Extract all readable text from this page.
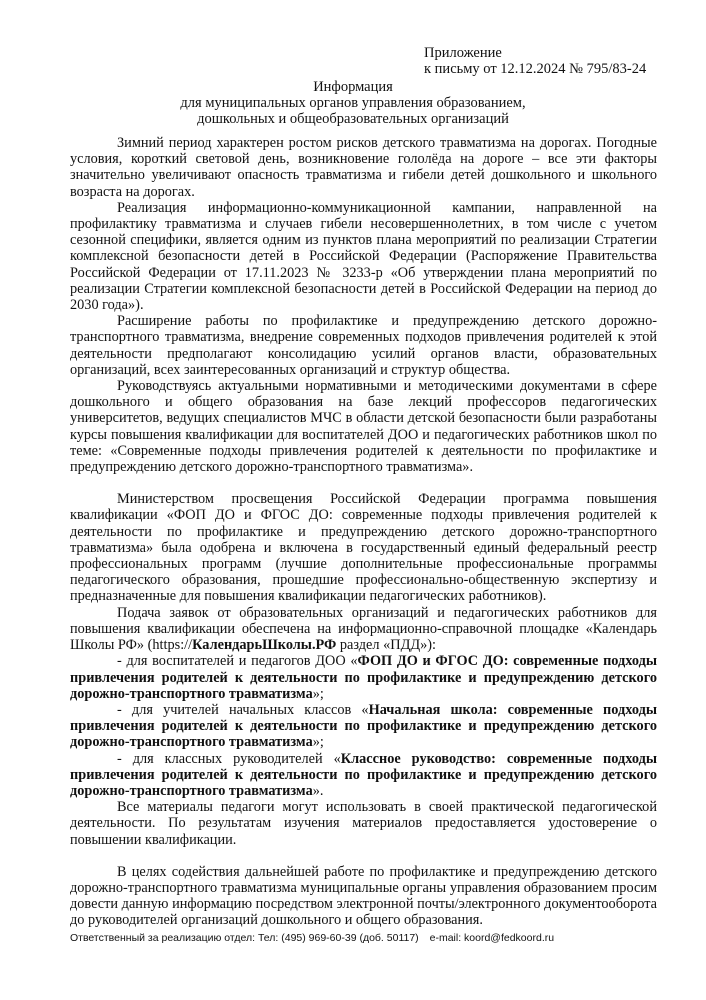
Приложение
к письму от 12.12.2024 № 795/83-24
Информация
для муниципальных органов управления образованием,
дошкольных и общеобразовательных организаций

Зимний период характерен ростом рисков детского травматизма на дорогах. Погодные условия, короткий световой день, возникновение гололёда на дороге – все эти факторы значительно увеличивают опасность травматизма и гибели детей дошкольного и школьного возраста на дорогах.

Реализация информационно-коммуникационной кампании, направленной на профилактику травматизма и случаев гибели несовершеннолетних, в том числе с учетом сезонной специфики, является одним из пунктов плана мероприятий по реализации Стратегии комплексной безопасности детей в Российской Федерации (Распоряжение Правительства Российской Федерации от 17.11.2023 № 3233-р «Об утверждении плана мероприятий по реализации Стратегии комплексной безопасности детей в Российской Федерации на период до 2030 года»).

Расширение работы по профилактике и предупреждению детского дорожно-транспортного травматизма, внедрение современных подходов привлечения родителей к этой деятельности предполагают консолидацию усилий органов власти, образовательных организаций, всех заинтересованных организаций и структур общества.

Руководствуясь актуальными нормативными и методическими документами в сфере дошкольного и общего образования на базе лекций профессоров педагогических университетов, ведущих специалистов МЧС в области детской безопасности были разработаны курсы повышения квалификации для воспитателей ДОО и педагогических работников школ по теме: «Современные подходы привлечения родителей к деятельности по профилактике и предупреждению детского дорожно-транспортного травматизма».

Министерством просвещения Российской Федерации программа повышения квалификации «ФОП ДО и ФГОС ДО: современные подходы привлечения родителей к деятельности по профилактике и предупреждению детского дорожно-транспортного травматизма» была одобрена и включена в государственный единый федеральный реестр профессиональных программ (лучшие дополнительные профессиональные программы педагогического образования, прошедшие профессионально-общественную экспертизу и предназначенные для повышения квалификации педагогических работников).

Подача заявок от образовательных организаций и педагогических работников для повышения квалификации обеспечена на информационно-справочной площадке «Календарь Школы РФ» (https://КалендарьШколы.РФ раздел «ПДД»):

- для воспитателей и педагогов ДОО «ФОП ДО и ФГОС ДО: современные подходы привлечения родителей к деятельности по профилактике и предупреждению детского дорожно-транспортного травматизма»;

- для учителей начальных классов «Начальная школа: современные подходы привлечения родителей к деятельности по профилактике и предупреждению детского дорожно-транспортного травматизма»;

- для классных руководителей «Классное руководство: современные подходы привлечения родителей к деятельности по профилактике и предупреждению детского дорожно-транспортного травматизма».

Все материалы педагоги могут использовать в своей практической педагогической деятельности. По результатам изучения материалов предоставляется удостоверение о повышении квалификации.

В целях содействия дальнейшей работе по профилактике и предупреждению детского дорожно-транспортного травматизма муниципальные органы управления образованием просим довести данную информацию посредством электронной почты/электронного документооборота до руководителей организаций дошкольного и общего образования.

Ответственный за реализацию отдел: Тел: (495) 969-60-39 (доб. 50117) e-mail: koord@fedkoord.ru
